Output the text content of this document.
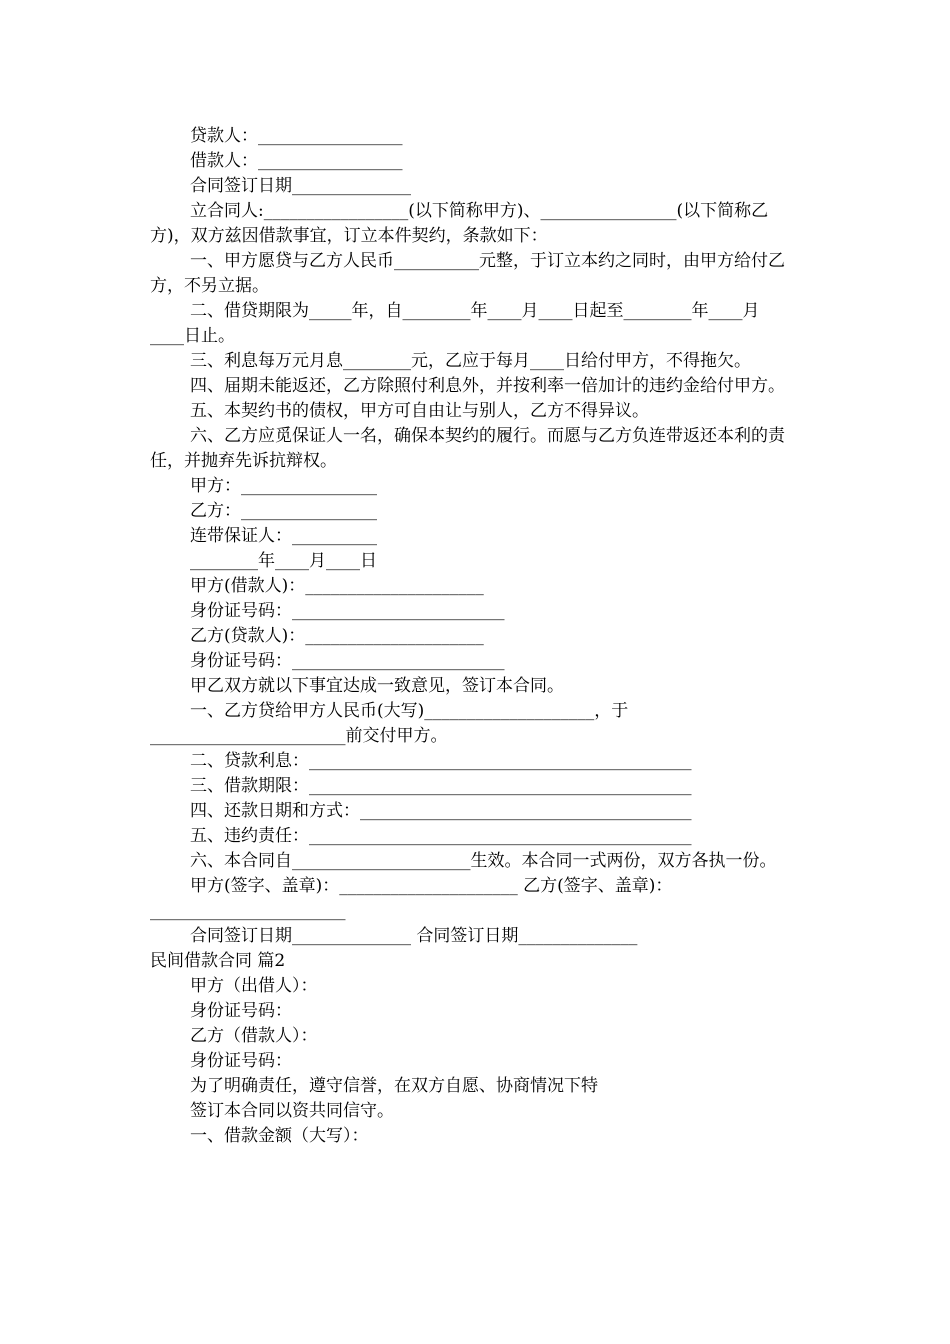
贷款人：_________________
借款人：_________________
合同签订日期______________
立合同人:_________________(以下简称甲方)、________________(以下简称乙方)，双方兹因借款事宜，订立本件契约，条款如下：
一、甲方愿贷与乙方人民币__________元整，于订立本约之同时，由甲方给付乙方，不另立据。
二、借贷期限为_____年，自________年____月____日起至________年____月____日止。
三、利息每万元月息________元，乙应于每月____日给付甲方，不得拖欠。
四、届期未能返还，乙方除照付利息外，并按利率一倍加计的违约金给付甲方。
五、本契约书的债权，甲方可自由让与别人，乙方不得异议。
六、乙方应觅保证人一名，确保本契约的履行。而愿与乙方负连带返还本利的责任，并抛弃先诉抗辩权。
甲方：________________
乙方：________________
连带保证人：__________
________年____月____日
甲方(借款人)：_____________________
身份证号码：_________________________
乙方(贷款人)：_____________________
身份证号码：_________________________
甲乙双方就以下事宜达成一致意见，签订本合同。
一、乙方贷给甲方人民币(大写)____________________，于_______________________前交付甲方。
二、贷款利息：_____________________________________________
三、借款期限：_____________________________________________
四、还款日期和方式：_______________________________________
五、违约责任：_____________________________________________
六、本合同自_____________________生效。本合同一式两份，双方各执一份。
甲方(签字、盖章)：_____________________ 乙方(签字、盖章)：_______________________
合同签订日期______________ 合同签订日期______________
民间借款合同 篇2
甲方（出借人）：
身份证号码：
乙方（借款人）：
身份证号码：
为了明确责任，遵守信誉，在双方自愿、协商情况下特
签订本合同以资共同信守。
一、借款金额（大写）：
